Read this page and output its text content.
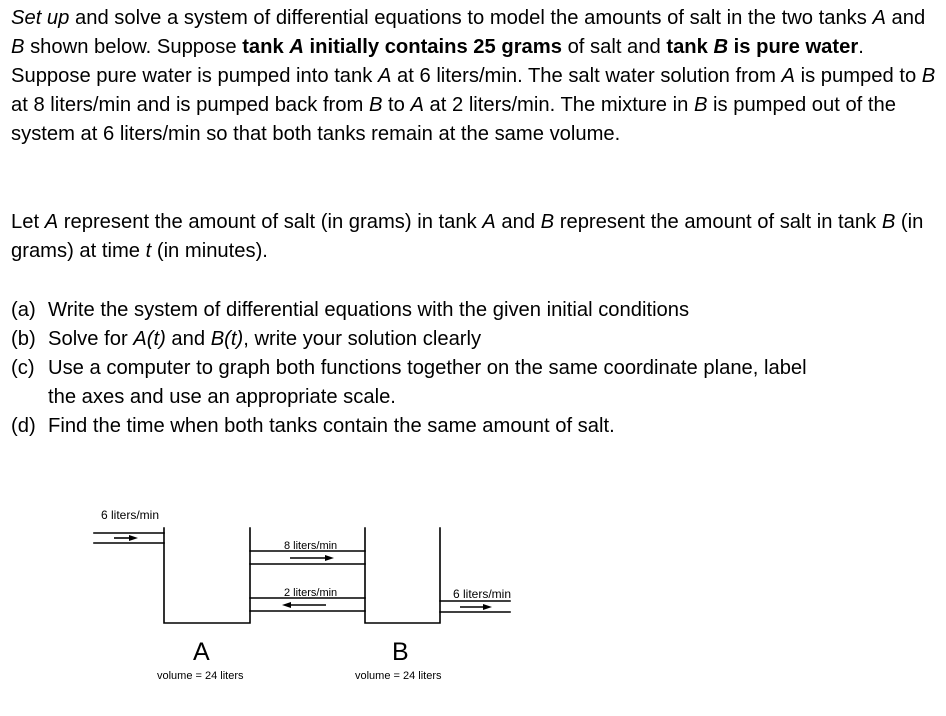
Set up and solve a system of differential equations to model the amounts of salt in the two tanks A and B shown below. Suppose tank A initially contains 25 grams of salt and tank B is pure water. Suppose pure water is pumped into tank A at 6 liters/min. The salt water solution from A is pumped to B at 8 liters/min and is pumped back from B to A at 2 liters/min. The mixture in B is pumped out of the system at 6 liters/min so that both tanks remain at the same volume.

Let A represent the amount of salt (in grams) in tank A and B represent the amount of salt in tank B (in grams) at time t (in minutes).

(a) Write the system of differential equations with the given initial conditions
(b) Solve for A(t) and B(t), write your solution clearly
(c) Use a computer to graph both functions together on the same coordinate plane, label
the axes and use an appropriate scale.
(d) Find the time when both tanks contain the same amount of salt.
6 liters/min
8 liters/min
2 liters/min	6 liters/min
A	B
volume = 24 liters	volume = 24 liters
